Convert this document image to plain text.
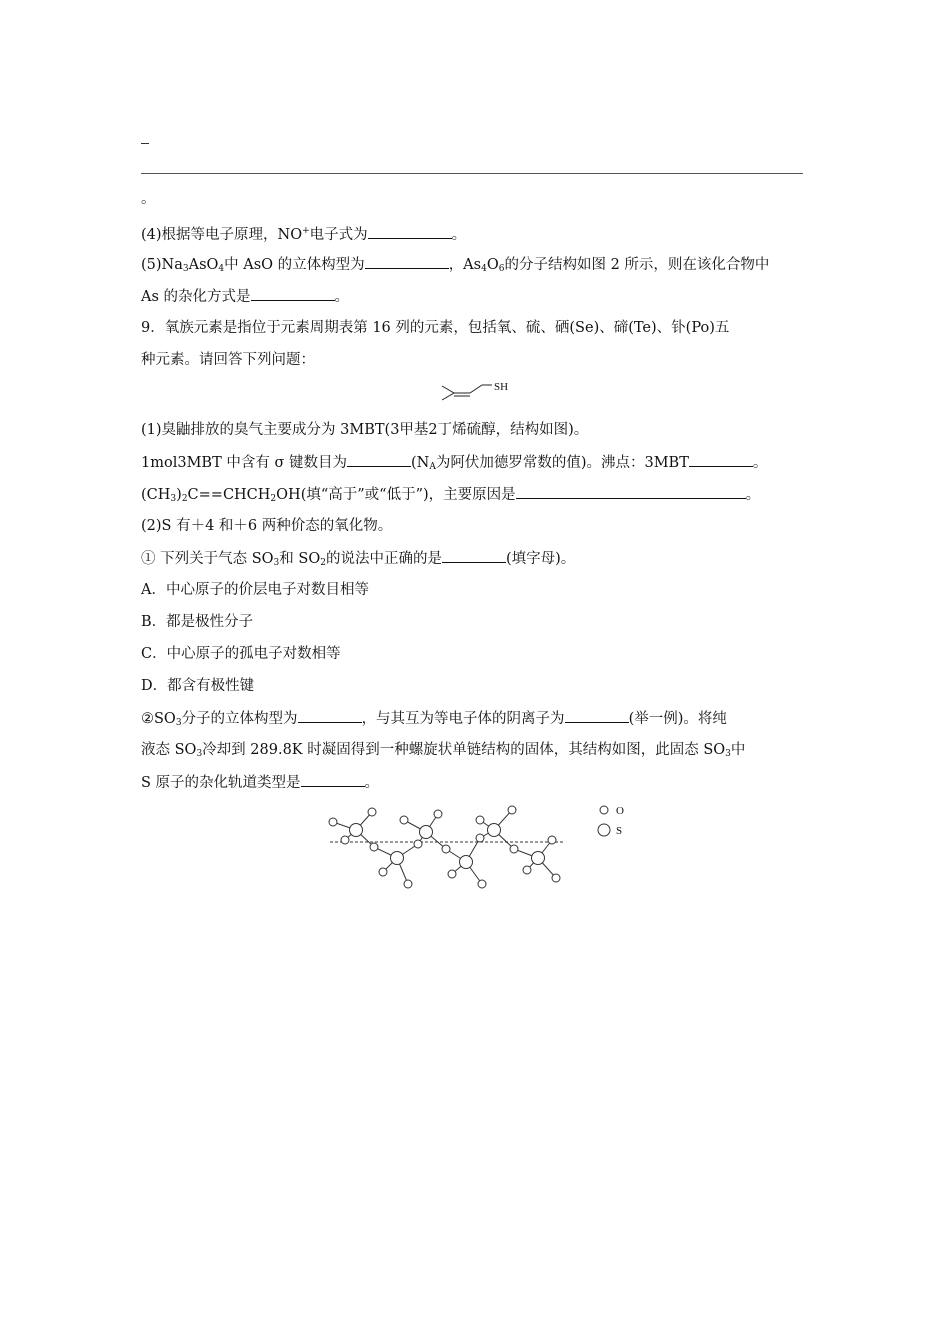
。
(4)根据等电子原理，NO+电子式为	。
$(5)Na_3AsO_4$中 AsO 的立体构型为	，$As_4O_6$的分子结构如图 2 所示，则在该化合物中
As 的杂化方式是	。
9．氧族元素是指位于元素周期表第 16 列的元素，包括氧、硫、硒(Se)、碲(Te)、钋(Po)五
种元素。请回答下列问题：
SH
(1)臭鼬排放的臭气主要成分为 3MBT(3甲基2丁烯硫醇，结构如图)。
1mol3MBT 中含有 σ 键数目为	($N_A$为阿伏加德罗常数的值)。沸点：3MBT	。
$(CH_3)_2C==CHCH_2OH$(填“高于”或“低于”)，主要原因是	。
(2)S 有＋4 和＋6 两种价态的氧化物。
① 下列关于气态 $SO_3$和 $SO_2$的说法中正确的是	(填字母)。
A．中心原子的价层电子对数目相等
B．都是极性分子
C．中心原子的孤电子对数相等
D．都含有极性键
$②SO_3$分子的立体构型为	，与其互为等电子体的阴离子为	(举一例)。将纯
液态 $SO_3$冷却到 289.8K 时凝固得到一种螺旋状单链结构的固体，其结构如图，此固态 $SO_3$中
S 原子的杂化轨道类型是	。
O
S
